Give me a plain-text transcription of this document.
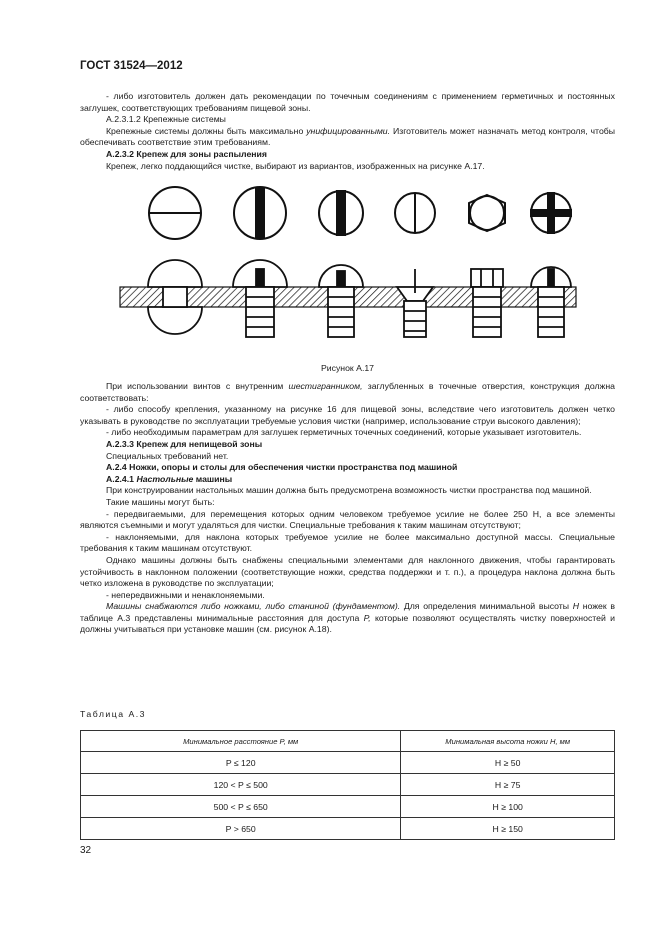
ГОСТ 31524—2012

- либо изготовитель должен дать рекомендации по точечным соединениям с применением герметичных и постоянных заглушек, соответствующих требованиям пищевой зоны.

А.2.3.1.2 Крепежные системы

Крепежные системы должны быть максимально унифицированными. Изготовитель может назначать метод контроля, чтобы обеспечивать соответствие этим требованиям.

А.2.3.2 Крепеж для зоны распыления

Крепеж, легко поддающийся чистке, выбирают из вариантов, изображенных на рисунке А.17.

Рисунок А.17

При использовании винтов с внутренним шестигранником, заглубленных в точечные отверстия, конструкция должна соответствовать:

- либо способу крепления, указанному на рисунке 16 для пищевой зоны, вследствие чего изготовитель должен четко указывать в руководстве по эксплуатации требуемые условия чистки (например, использование струи высокого давления);

- либо необходимым параметрам для заглушек герметичных точечных соединений, которые указывает изготовитель.

А.2.3.3 Крепеж для непищевой зоны

Специальных требований нет.

А.2.4 Ножки, опоры и столы для обеспечения чистки пространства под машиной

А.2.4.1 Настольные машины

При конструировании настольных машин должна быть предусмотрена возможность чистки пространства под машиной.

Такие машины могут быть:

- передвигаемыми, для перемещения которых одним человеком требуемое усилие не более 250 Н, а все элементы являются съемными и могут удаляться для чистки. Специальные требования к таким машинам отсутствуют;

- наклоняемыми, для наклона которых требуемое усилие не более максимально доступной массы. Специальные требования к таким машинам отсутствуют.

Однако машины должны быть снабжены специальными элементами для наклонного движения, чтобы гарантировать устойчивость в наклонном положении (соответствующие ножки, средства поддержки и т. п.), а процедура наклона должна быть четко изложена в руководстве по эксплуатации;

- непередвижными и ненаклоняемыми.

Машины снабжаются либо ножками, либо станиной (фундаментом). Для определения минимальной высоты H ножек в таблице А.3 представлены минимальные расстояния для доступа P, которые позволяют осуществлять чистку поверхностей и должны учитываться при установке машин (см. рисунок А.18).

Таблица А.3
Минимальное расстояние P, мм	Минимальная высота ножки H, мм
P ≤ 120	H ≥ 50
120 < P ≤ 500	H ≥ 75
500 < P ≤ 650	H ≥ 100
P > 650	H ≥ 150
32
